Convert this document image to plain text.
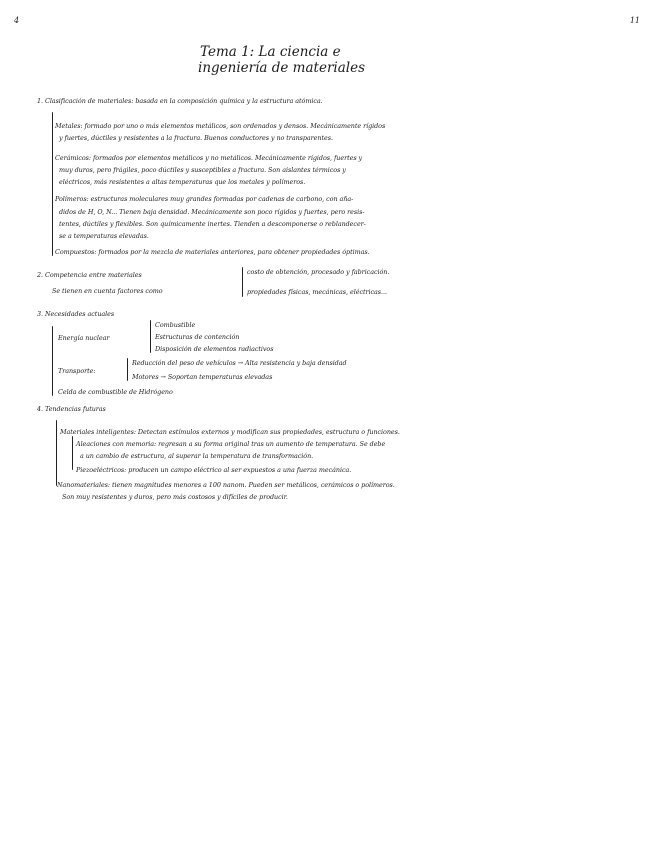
4	11
Tema 1: La ciencia e
ingeniería de materiales
1. Clasificación de materiales: basada en la composición química y la estructura atómica.
Metales: formado por uno o más elementos metálicos, son ordenados y densos. Mecánicamente rígidos
y fuertes, dúctiles y resistentes a la fractura. Buenos conductores y no transparentes.
Cerámicos: formados por elementos metálicos y no metálicos. Mecánicamente rígidos, fuertes y
muy duros, pero frágiles, poco dúctiles y susceptibles a fractura. Son aislantes térmicos y
eléctricos, más resistentes a altas temperaturas que los metales y polímeros.
Polímeros: estructuras moleculares muy grandes formadas por cadenas de carbono, con aña-
didos de H, O, N... Tienen baja densidad. Mecánicamente son poco rígidos y fuertes, pero resis-
tentes, dúctiles y flexibles. Son químicamente inertes. Tienden a descomponerse o reblandecer-
se a temperaturas elevadas.
Compuestos: formados por la mezcla de materiales anteriores, para obtener propiedades óptimas.
2. Competencia entre materiales
Se tienen en cuenta factores como
costo de obtención, procesado y fabricación.
propiedades físicas, mecánicas, eléctricas...
3. Necesidades actuales
Energía nuclear
Combustible
Estructuras de contención
Disposición de elementos radiactivos
Transporte:
Reducción del peso de vehículos → Alta resistencia y baja densidad
Motores → Soportan temperaturas elevadas
Celda de combustible de Hidrógeno
4. Tendencias futuras
Materiales inteligentes: Detectan estímulos externos y modifican sus propiedades, estructura o funciones.
Aleaciones con memoria: regresan a su forma original tras un aumento de temperatura. Se debe
a un cambio de estructura, al superar la temperatura de transformación.
Piezoeléctricos: producen un campo eléctrico al ser expuestos a una fuerza mecánica.
Nanomateriales: tienen magnitudes menores a 100 nanom. Pueden ser metálicos, cerámicos o polímeros.
Son muy resistentes y duros, pero más costosos y difíciles de producir.
